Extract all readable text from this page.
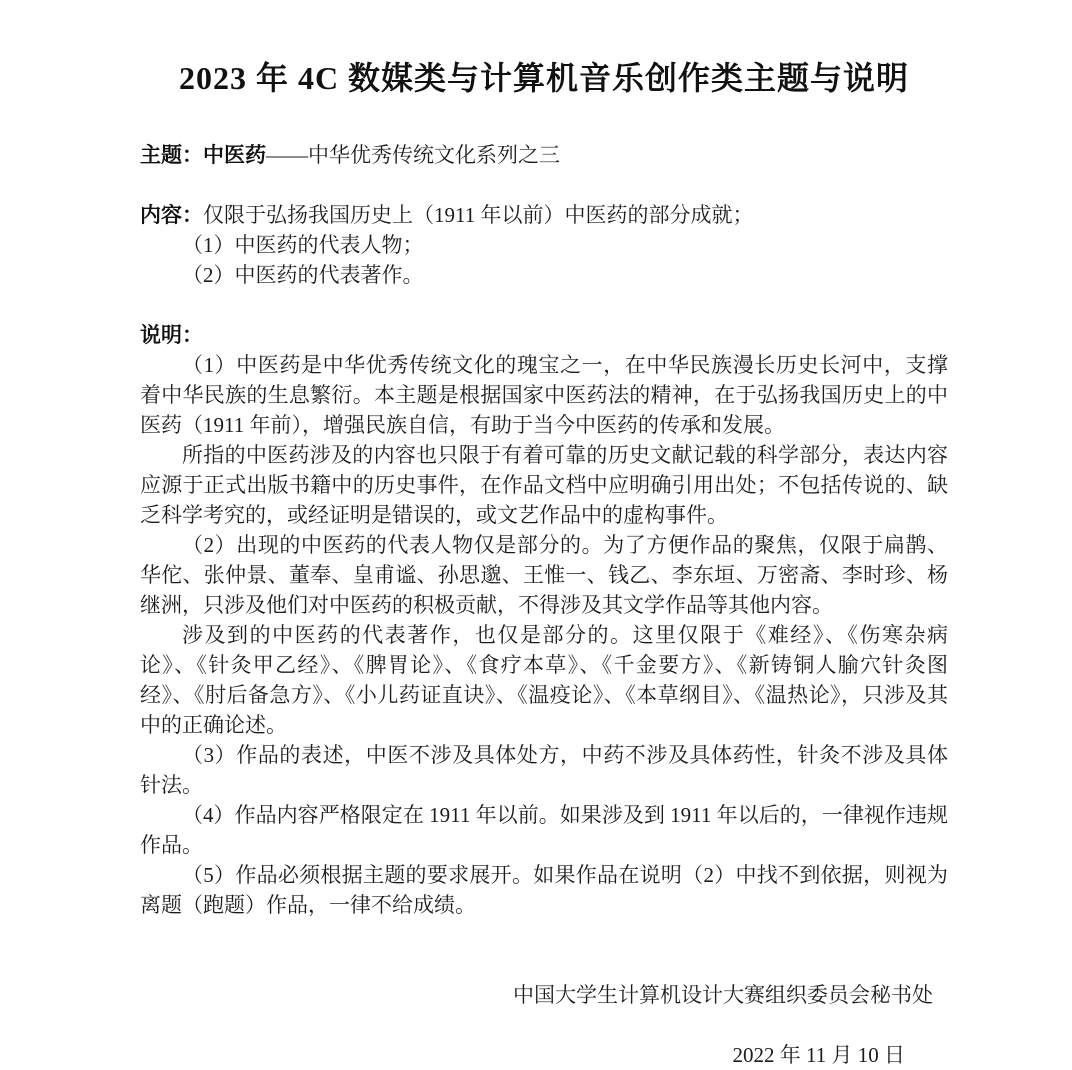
2023 年 4C 数媒类与计算机音乐创作类主题与说明

主题：中医药——中华优秀传统文化系列之三

内容：仅限于弘扬我国历史上（1911 年以前）中医药的部分成就；

（1）中医药的代表人物；

（2）中医药的代表著作。

说明：

（1）中医药是中华优秀传统文化的瑰宝之一，在中华民族漫长历史长河中，支撑着中华民族的生息繁衍。本主题是根据国家中医药法的精神，在于弘扬我国历史上的中医药（1911 年前），增强民族自信，有助于当今中医药的传承和发展。

所指的中医药涉及的内容也只限于有着可靠的历史文献记载的科学部分，表达内容应源于正式出版书籍中的历史事件，在作品文档中应明确引用出处；不包括传说的、缺乏科学考究的，或经证明是错误的，或文艺作品中的虚构事件。

（2）出现的中医药的代表人物仅是部分的。为了方便作品的聚焦，仅限于扁鹊、华佗、张仲景、董奉、皇甫谧、孙思邈、王惟一、钱乙、李东垣、万密斋、李时珍、杨继洲，只涉及他们对中医药的积极贡献，不得涉及其文学作品等其他内容。

涉及到的中医药的代表著作，也仅是部分的。这里仅限于《难经》、《伤寒杂病论》、《针灸甲乙经》、《脾胃论》、《食疗本草》、《千金要方》、《新铸铜人腧穴针灸图经》、《肘后备急方》、《小儿药证直诀》、《温疫论》、《本草纲目》、《温热论》，只涉及其中的正确论述。

（3）作品的表述，中医不涉及具体处方，中药不涉及具体药性，针灸不涉及具体针法。

（4）作品内容严格限定在 1911 年以前。如果涉及到 1911 年以后的，一律视作违规作品。

（5）作品必须根据主题的要求展开。如果作品在说明（2）中找不到依据，则视为离题（跑题）作品，一律不给成绩。

中国大学生计算机设计大赛组织委员会秘书处

2022 年 11 月 10 日
